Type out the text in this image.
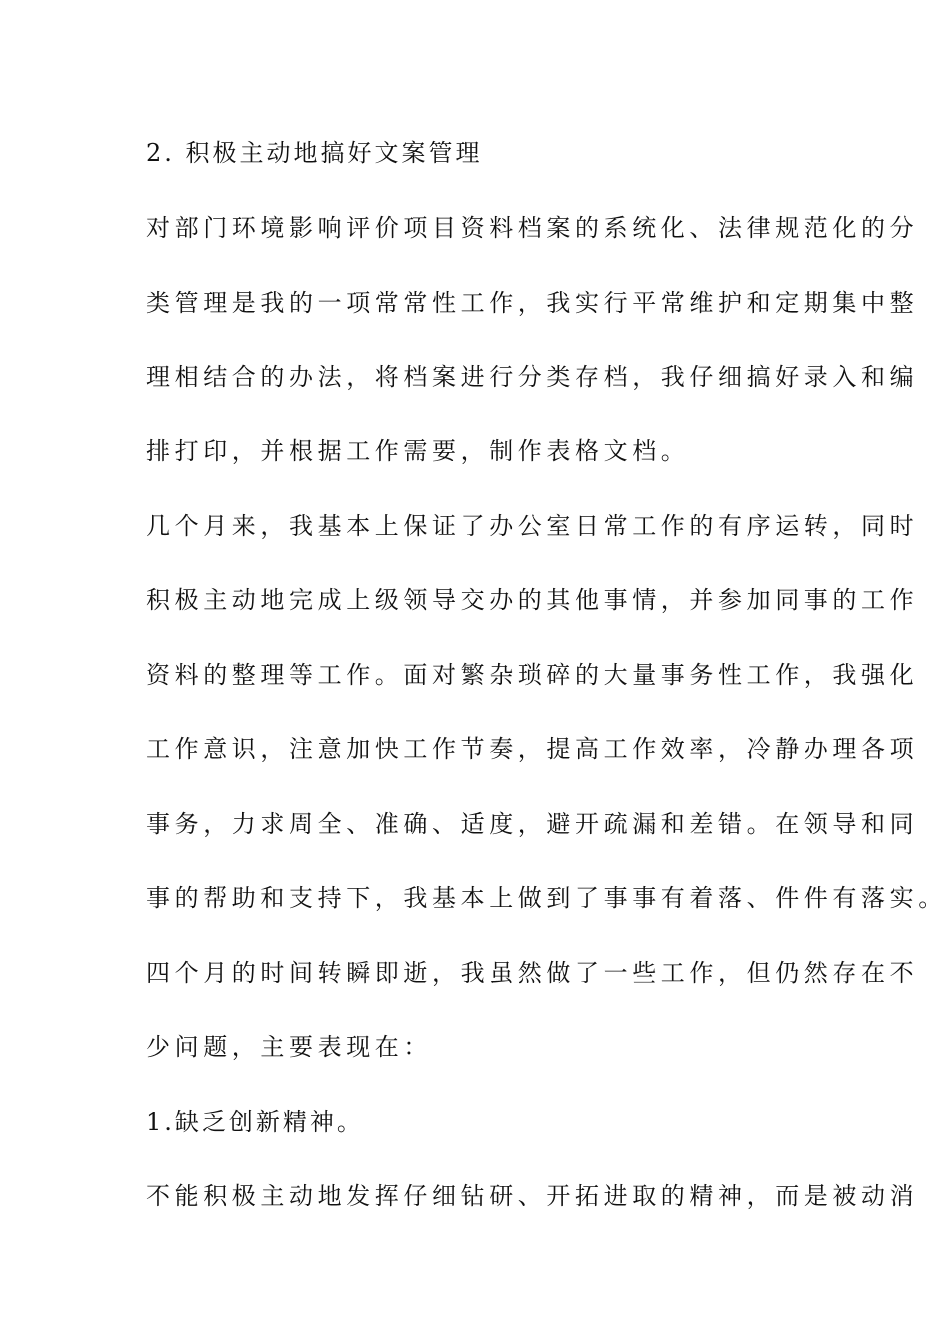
2. 积极主动地搞好文案管理
对部门环境影响评价项目资料档案的系统化、法律规范化的分
类管理是我的一项常常性工作，我实行平常维护和定期集中整
理相结合的办法，将档案进行分类存档，我仔细搞好录入和编
排打印，并根据工作需要，制作表格文档。
几个月来，我基本上保证了办公室日常工作的有序运转，同时
积极主动地完成上级领导交办的其他事情，并参加同事的工作
资料的整理等工作。面对繁杂琐碎的大量事务性工作，我强化
工作意识，注意加快工作节奏，提高工作效率，冷静办理各项
事务，力求周全、准确、适度，避开疏漏和差错。在领导和同
事的帮助和支持下，我基本上做到了事事有着落、件件有落实。
四个月的时间转瞬即逝，我虽然做了一些工作，但仍然存在不
少问题，主要表现在：
1.缺乏创新精神。
不能积极主动地发挥仔细钻研、开拓进取的精神，而是被动消
